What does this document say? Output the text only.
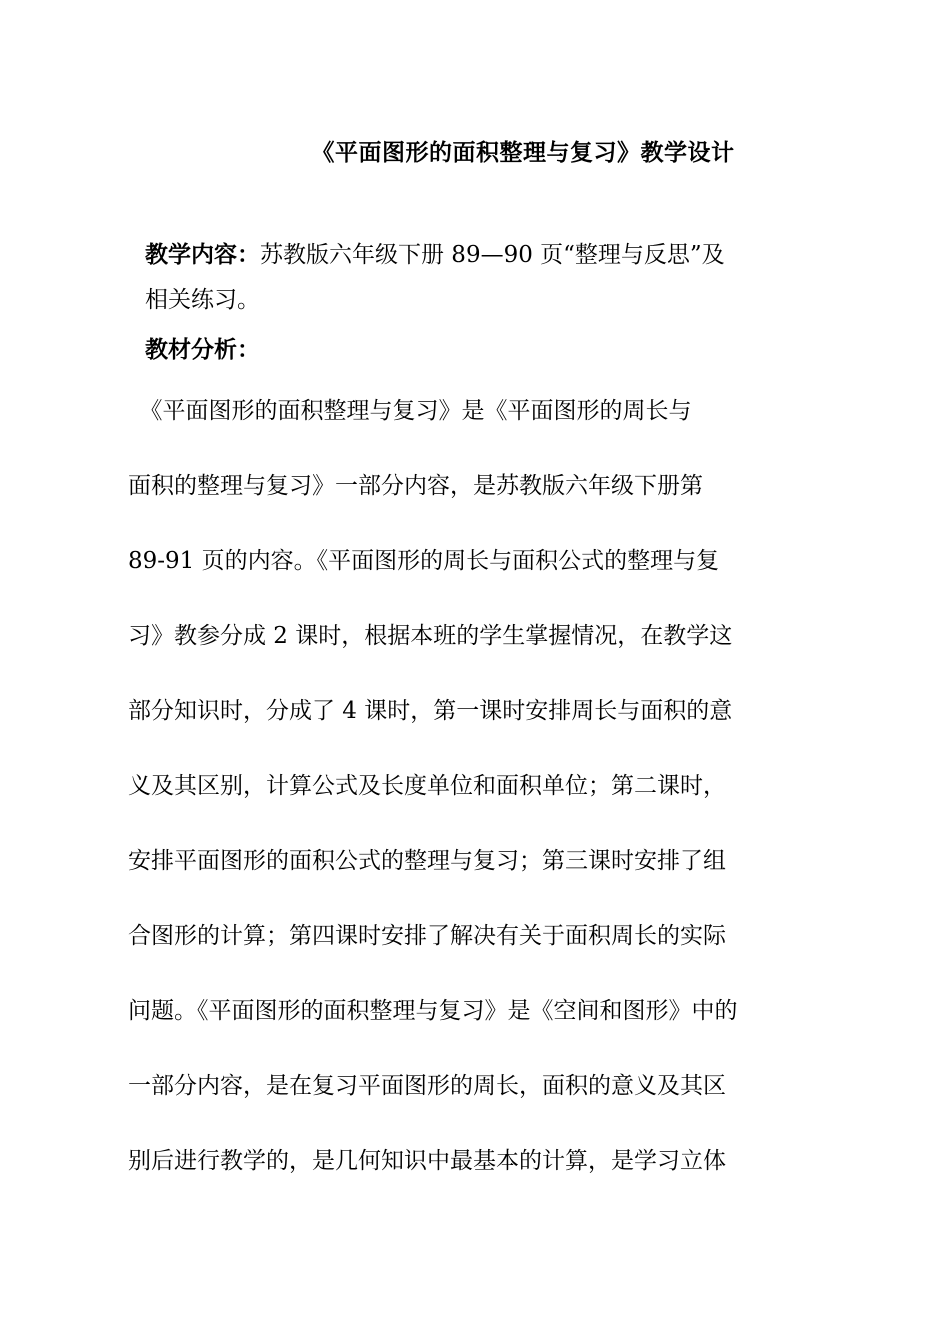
《平面图形的面积整理与复习》教学设计
教学内容：苏教版六年级下册 89—90 页“整理与反思”及
相关练习。
教材分析：
　《平面图形的面积整理与复习》是《平面图形的周长与
面积的整理与复习》一部分内容，是苏教版六年级下册第
89-91 页的内容。《平面图形的周长与面积公式的整理与复
习》教参分成 2 课时，根据本班的学生掌握情况，在教学这
部分知识时，分成了 4 课时，第一课时安排周长与面积的意
义及其区别，计算公式及长度单位和面积单位；第二课时，
安排平面图形的面积公式的整理与复习；第三课时安排了组
合图形的计算；第四课时安排了解决有关于面积周长的实际
问题。《平面图形的面积整理与复习》是《空间和图形》中的
一部分内容，是在复习平面图形的周长，面积的意义及其区
别后进行教学的，是几何知识中最基本的计算，是学习立体
